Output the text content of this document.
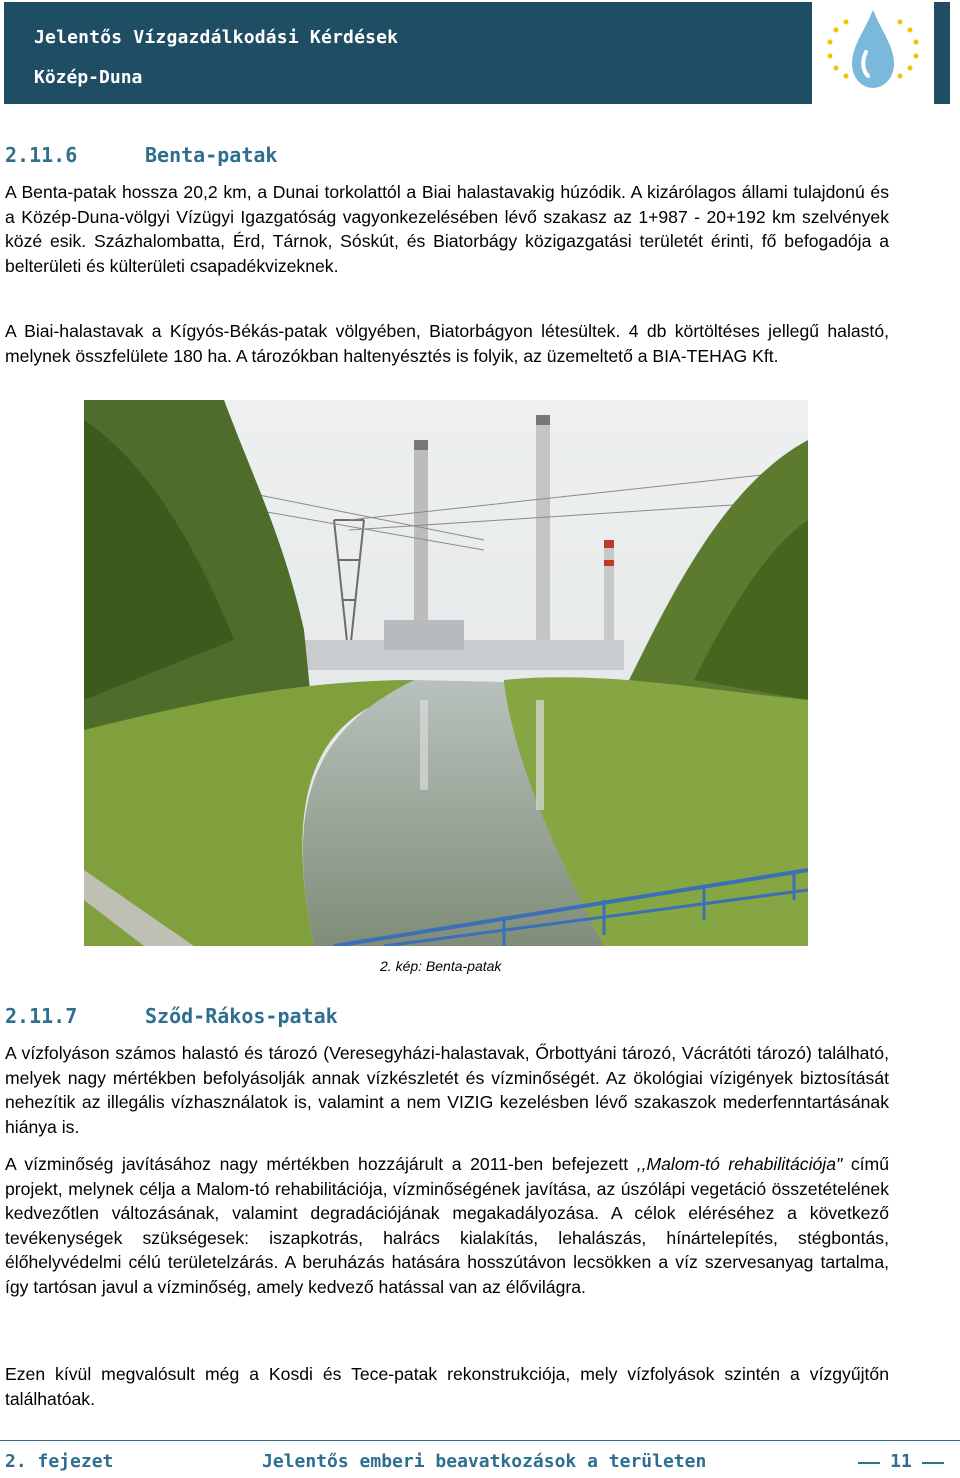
Jelentős Vízgazdálkodási Kérdések
Közép-Duna
2.11.6	Benta-patak
A Benta-patak hossza 20,2 km, a Dunai torkolattól a Biai halastavakig húzódik. A kizárólagos állami tulajdonú és a Közép-Duna-völgyi Vízügyi Igazgatóság vagyonkezelésében lévő szakasz az 1+987 - 20+192 km szelvények közé esik. Százhalombatta, Érd, Tárnok, Sóskút, és Biatorbágy közigazgatási területét érinti, fő befogadója a belterületi és külterületi csapadékvizeknek.
A Biai-halastavak a Kígyós-Békás-patak völgyében, Biatorbágyon létesültek. 4 db körtöltéses jellegű halastó, melynek összfelülete 180 ha. A tározókban haltenyésztés is folyik, az üzemeltető a BIA-TEHAG Kft.
2. kép: Benta-patak
2.11.7	Sződ-Rákos-patak
A vízfolyáson számos halastó és tározó (Veresegyházi-halastavak, Őrbottyáni tározó, Vácrátóti tározó) található, melyek nagy mértékben befolyásolják annak vízkészletét és vízminőségét. Az ökológiai vízigények biztosítását nehezítik az illegális vízhasználatok is, valamint a nem VIZIG kezelésben lévő szakaszok mederfenntartásának hiánya is.
A vízminőség javításához nagy mértékben hozzájárult a 2011-ben befejezett ,,Malom-tó rehabilitációja" című projekt, melynek célja a Malom-tó rehabilitációja, vízminőségének javítása, az úszólápi vegetáció összetételének kedvezőtlen változásának, valamint degradációjának megakadályozása. A célok eléréséhez a következő tevékenységek szükségesek: iszapkotrás, halrács kialakítás, lehalászás, hínártelepítés, stégbontás, élőhelyvédelmi célú területelzárás. A beruházás hatására hosszútávon lecsökken a víz szervesanyag tartalma, így tartósan javul a vízminőség, amely kedvező hatással van az élővilágra.
Ezen kívül megvalósult még a Kosdi és Tece-patak rekonstrukciója, mely vízfolyások szintén a vízgyűjtőn találhatóak.
2. fejezet	Jelentős emberi beavatkozások a területen	11
